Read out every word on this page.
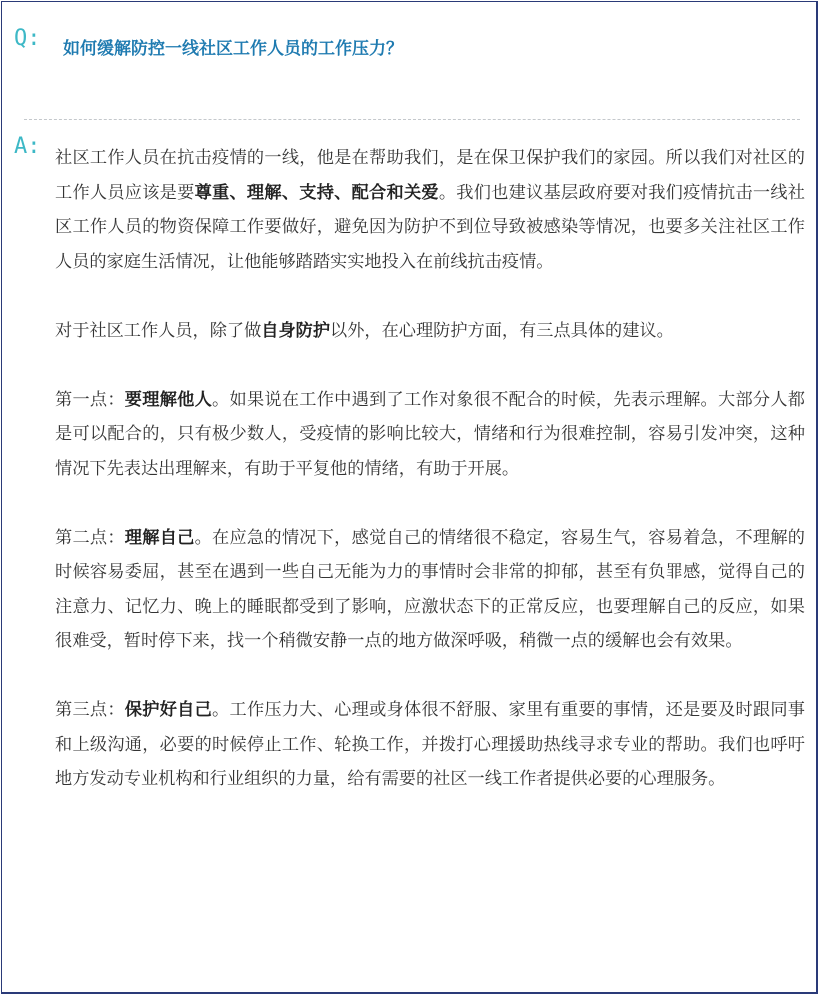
Q: 如何缓解防控一线社区工作人员的工作压力？
A: 社区工作人员在抗击疫情的一线，他是在帮助我们，是在保卫保护我们的家园。所以我们对社区的工作人员应该是要尊重、理解、支持、配合和关爱。我们也建议基层政府要对我们疫情抗击一线社区工作人员的物资保障工作要做好，避免因为防护不到位导致被感染等情况，也要多关注社区工作人员的家庭生活情况，让他能够踏踏实实地投入在前线抗击疫情。

对于社区工作人员，除了做自身防护以外，在心理防护方面，有三点具体的建议。

第一点：要理解他人。如果说在工作中遇到了工作对象很不配合的时候，先表示理解。大部分人都是可以配合的，只有极少数人，受疫情的影响比较大，情绪和行为很难控制，容易引发冲突，这种情况下先表达出理解来，有助于平复他的情绪，有助于开展。

第二点：理解自己。在应急的情况下，感觉自己的情绪很不稳定，容易生气，容易着急，不理解的时候容易委屈，甚至在遇到一些自己无能为力的事情时会非常的抑郁，甚至有负罪感，觉得自己的注意力、记忆力、晚上的睡眠都受到了影响，应激状态下的正常反应，也要理解自己的反应，如果很难受，暂时停下来，找一个稍微安静一点的地方做深呼吸，稍微一点的缓解也会有效果。

第三点：保护好自己。工作压力大、心理或身体很不舒服、家里有重要的事情，还是要及时跟同事和上级沟通，必要的时候停止工作、轮换工作，并拨打心理援助热线寻求专业的帮助。我们也呼吁地方发动专业机构和行业组织的力量，给有需要的社区一线工作者提供必要的心理服务。
